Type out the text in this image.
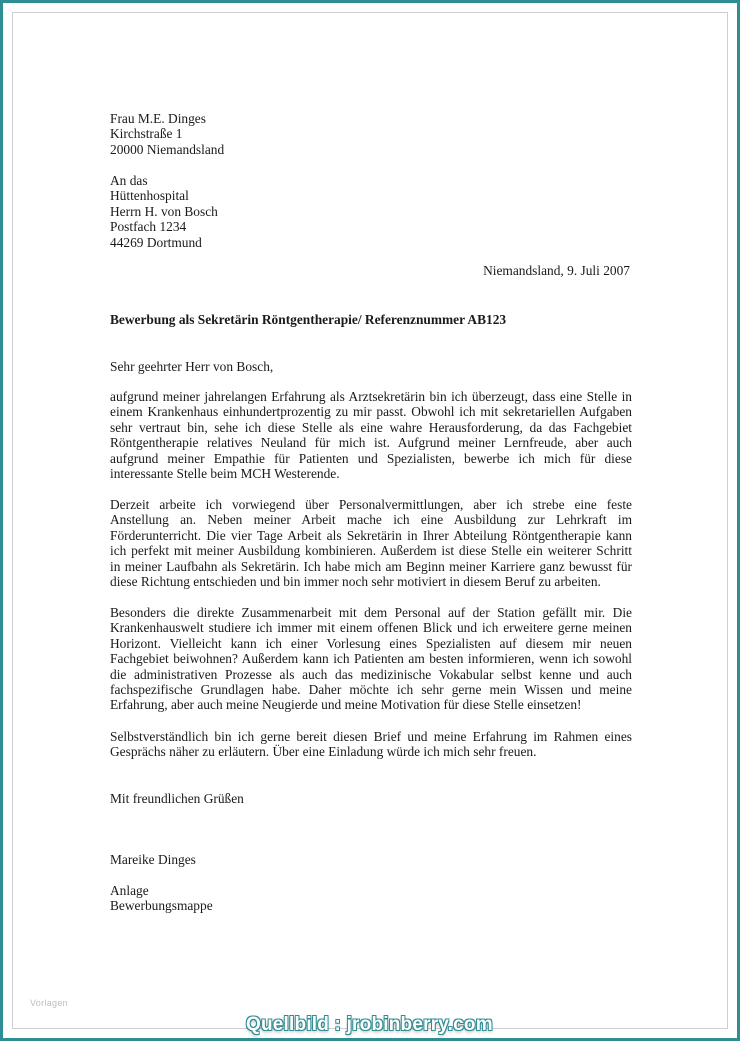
Frau M.E. Dinges
Kirchstraße 1
20000 Niemandsland
An das
Hüttenhospital
Herrn H. von Bosch
Postfach 1234
44269 Dortmund
Niemandsland, 9. Juli 2007
Bewerbung als Sekretärin Röntgentherapie/ Referenznummer AB123
Sehr geehrter Herr von Bosch,
aufgrund meiner jahrelangen Erfahrung als Arztsekretärin bin ich überzeugt, dass eine Stelle in
einem Krankenhaus einhundertprozentig zu mir passt. Obwohl ich mit sekretariellen Aufgaben
sehr vertraut bin, sehe ich diese Stelle als eine wahre Herausforderung, da das Fachgebiet
Röntgentherapie relatives Neuland für mich ist. Aufgrund meiner Lernfreude, aber auch
aufgrund meiner Empathie für Patienten und Spezialisten, bewerbe ich mich für diese
interessante Stelle beim MCH Westerende.
Derzeit arbeite ich vorwiegend über Personalvermittlungen, aber ich strebe eine feste
Anstellung an. Neben meiner Arbeit mache ich eine Ausbildung zur Lehrkraft im
Förderunterricht. Die vier Tage Arbeit als Sekretärin in Ihrer Abteilung Röntgentherapie kann
ich perfekt mit meiner Ausbildung kombinieren. Außerdem ist diese Stelle ein weiterer Schritt
in meiner Laufbahn als Sekretärin. Ich habe mich am Beginn meiner Karriere ganz bewusst für
diese Richtung entschieden und bin immer noch sehr motiviert in diesem Beruf zu arbeiten.
Besonders die direkte Zusammenarbeit mit dem Personal auf der Station gefällt mir. Die
Krankenhauswelt studiere ich immer mit einem offenen Blick und ich erweitere gerne meinen
Horizont. Vielleicht kann ich einer Vorlesung eines Spezialisten auf diesem mir neuen
Fachgebiet beiwohnen? Außerdem kann ich Patienten am besten informieren, wenn ich sowohl
die administrativen Prozesse als auch das medizinische Vokabular selbst kenne und auch
fachspezifische Grundlagen habe. Daher möchte ich sehr gerne mein Wissen und meine
Erfahrung, aber auch meine Neugierde und meine Motivation für diese Stelle einsetzen!
Selbstverständlich bin ich gerne bereit diesen Brief und meine Erfahrung im Rahmen eines
Gesprächs näher zu erläutern. Über eine Einladung würde ich mich sehr freuen.
Mit freundlichen Grüßen
Mareike Dinges
Anlage
Bewerbungsmappe
Vorlagen
Quellbild : jrobinberry.com
